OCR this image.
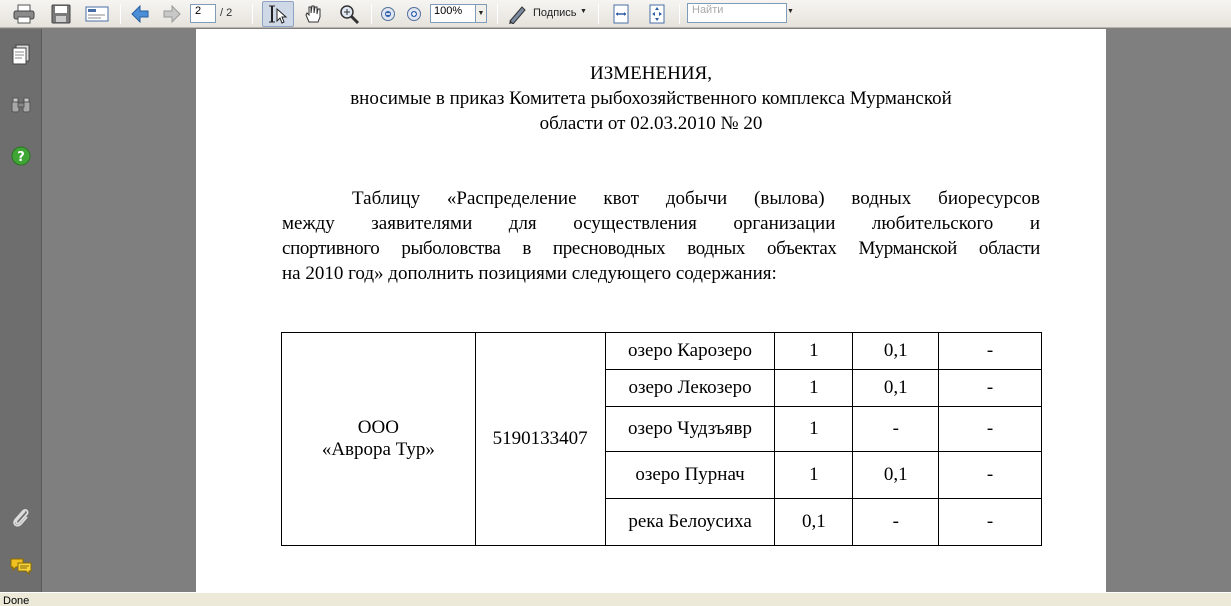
2	/ 2	100%	▼	Подпись ▼	Найти	▼
?
ИЗМЕНЕНИЯ,
вносимые в приказ Комитета рыбохозяйственного комплекса Мурманской
области от 02.03.2010 № 20
Таблицу «Распределение квот добычи (вылова) водных биоресурсов
между заявителями для осуществления организации любительского и
спортивного рыболовства в пресноводных водных объектах Мурманской области
на 2010 год» дополнить позициями следующего содержания:
ООО
«Аврора Тур»	5190133407	озеро Карозеро	1	0,1	-
		озеро Лекозеро	1	0,1	-
		озеро Чудзъявр	1	-	-
		озеро Пурнач	1	0,1	-
		река Белоусиха	0,1	-	-
Done
